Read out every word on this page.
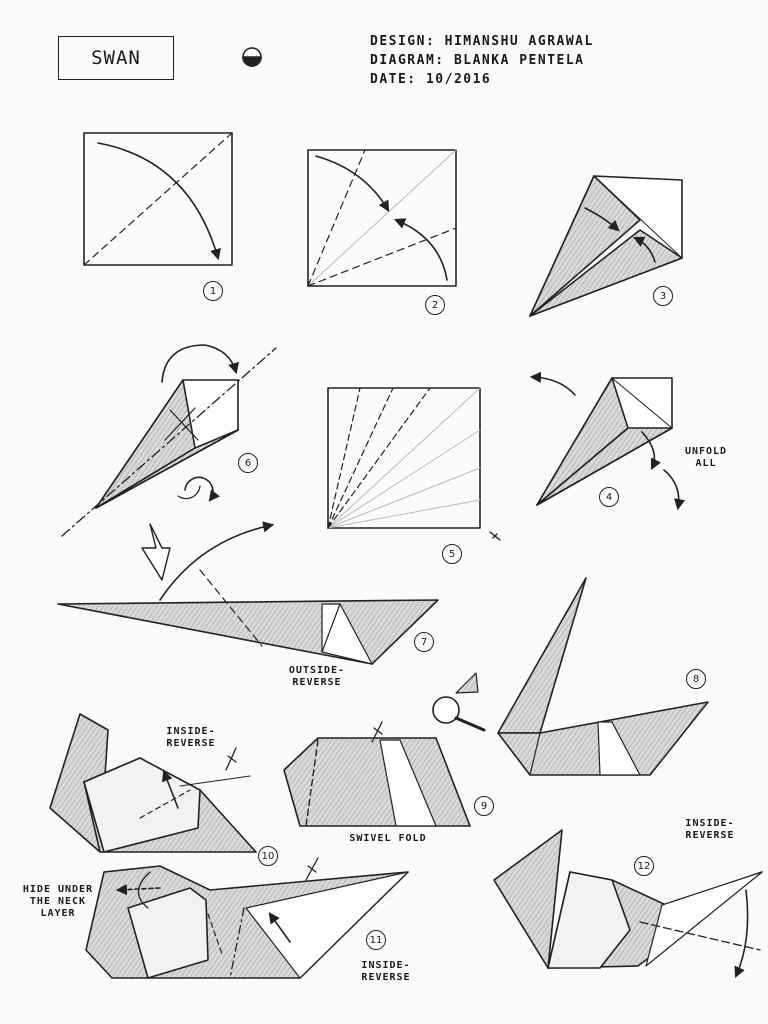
SWAN
DESIGN: HIMANSHU AGRAWAL
DIAGRAM: BLANKA PENTELA
DATE: 10/2016
1
2
3
4
5
6
7
8
9
10
11
12
UNFOLD ALL
OUTSIDE- REVERSE
INSIDE- REVERSE
SWIVEL FOLD
HIDE UNDER THE NECK LAYER
INSIDE- REVERSE
INSIDE- REVERSE
